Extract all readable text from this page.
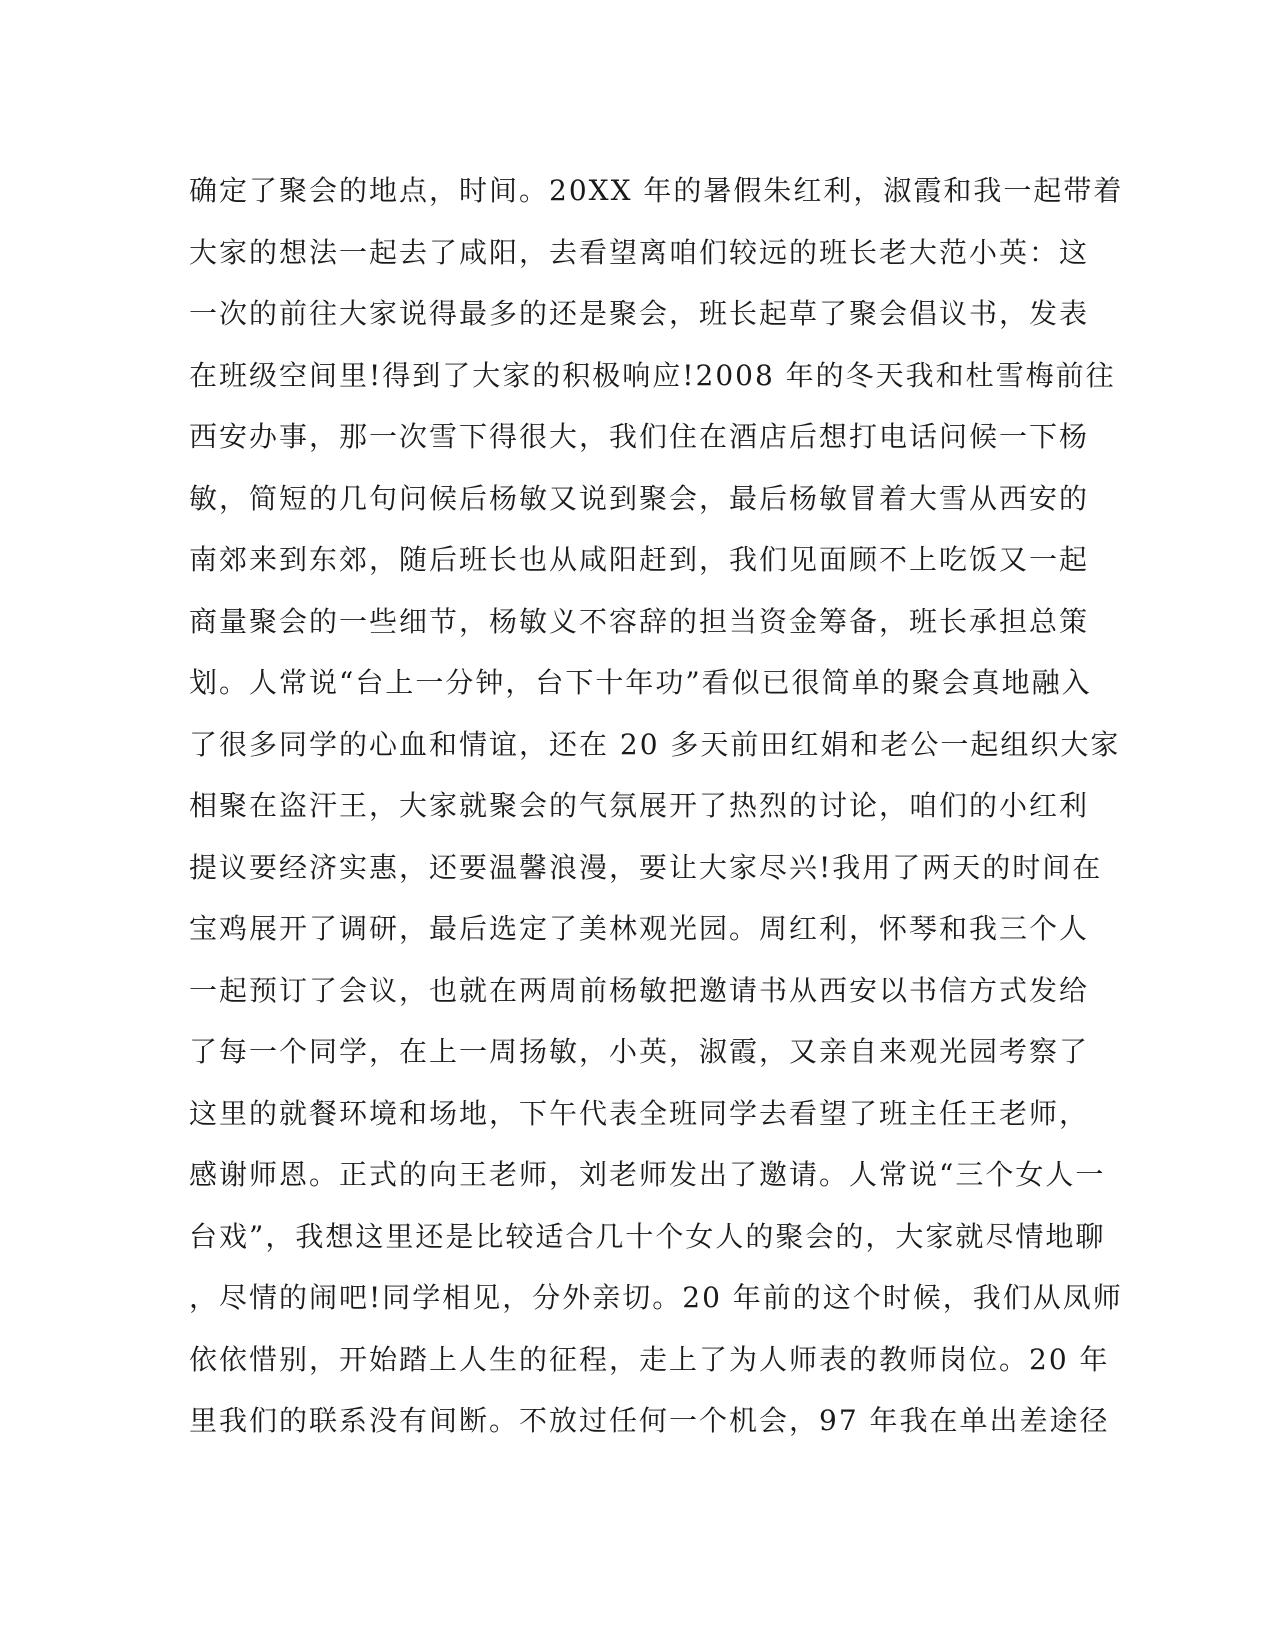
确定了聚会的地点，时间。20XX 年的暑假朱红利，淑霞和我一起带着
大家的想法一起去了咸阳，去看望离咱们较远的班长老大范小英：这
一次的前往大家说得最多的还是聚会，班长起草了聚会倡议书，发表
在班级空间里!得到了大家的积极响应!2008 年的冬天我和杜雪梅前往
西安办事，那一次雪下得很大，我们住在酒店后想打电话问候一下杨
敏，简短的几句问候后杨敏又说到聚会，最后杨敏冒着大雪从西安的
南郊来到东郊，随后班长也从咸阳赶到，我们见面顾不上吃饭又一起
商量聚会的一些细节，杨敏义不容辞的担当资金筹备，班长承担总策
划。人常说“台上一分钟，台下十年功”看似已很简单的聚会真地融入
了很多同学的心血和情谊，还在 20 多天前田红娟和老公一起组织大家
相聚在盗汗王，大家就聚会的气氛展开了热烈的讨论，咱们的小红利
提议要经济实惠，还要温馨浪漫，要让大家尽兴!我用了两天的时间在
宝鸡展开了调研，最后选定了美林观光园。周红利，怀琴和我三个人
一起预订了会议，也就在两周前杨敏把邀请书从西安以书信方式发给
了每一个同学，在上一周扬敏，小英，淑霞，又亲自来观光园考察了
这里的就餐环境和场地，下午代表全班同学去看望了班主任王老师，
感谢师恩。正式的向王老师，刘老师发出了邀请。人常说“三个女人一
台戏”，我想这里还是比较适合几十个女人的聚会的，大家就尽情地聊
，尽情的闹吧!同学相见，分外亲切。20 年前的这个时候，我们从凤师
依依惜别，开始踏上人生的征程，走上了为人师表的教师岗位。20 年
里我们的联系没有间断。不放过任何一个机会，97 年我在单出差途径
